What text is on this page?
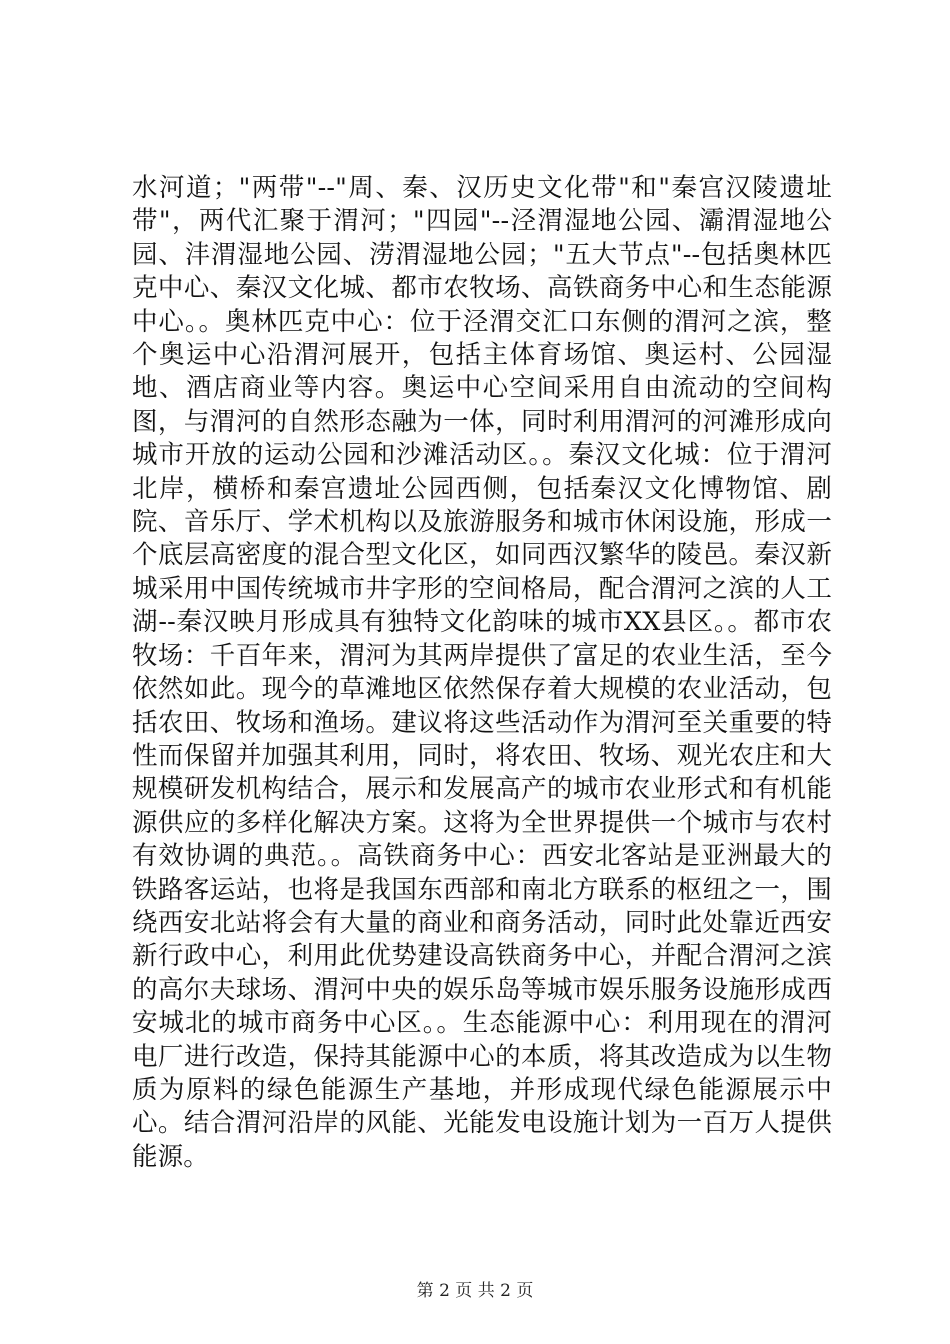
水河道；"两带"--"周、秦、汉历史文化带"和"秦宫汉陵遗址带"，两代汇聚于渭河；"四园"--泾渭湿地公园、灞渭湿地公园、沣渭湿地公园、涝渭湿地公园；"五大节点"--包括奥林匹克中心、秦汉文化城、都市农牧场、高铁商务中心和生态能源中心。。奥林匹克中心：位于泾渭交汇口东侧的渭河之滨，整个奥运中心沿渭河展开，包括主体育场馆、奥运村、公园湿地、酒店商业等内容。奥运中心空间采用自由流动的空间构图，与渭河的自然形态融为一体，同时利用渭河的河滩形成向城市开放的运动公园和沙滩活动区。。秦汉文化城：位于渭河北岸，横桥和秦宫遗址公园西侧，包括秦汉文化博物馆、剧院、音乐厅、学术机构以及旅游服务和城市休闲设施，形成一个底层高密度的混合型文化区，如同西汉繁华的陵邑。秦汉新城采用中国传统城市井字形的空间格局，配合渭河之滨的人工湖--秦汉映月形成具有独特文化韵味的城市XX县区。。都市农牧场：千百年来，渭河为其两岸提供了富足的农业生活，至今依然如此。现今的草滩地区依然保存着大规模的农业活动，包括农田、牧场和渔场。建议将这些活动作为渭河至关重要的特性而保留并加强其利用，同时，将农田、牧场、观光农庄和大规模研发机构结合，展示和发展高产的城市农业形式和有机能源供应的多样化解决方案。这将为全世界提供一个城市与农村有效协调的典范。。高铁商务中心：西安北客站是亚洲最大的铁路客运站，也将是我国东西部和南北方联系的枢纽之一，围绕西安北站将会有大量的商业和商务活动，同时此处靠近西安新行政中心，利用此优势建设高铁商务中心，并配合渭河之滨的高尔夫球场、渭河中央的娱乐岛等城市娱乐服务设施形成西安城北的城市商务中心区。。生态能源中心：利用现在的渭河电厂进行改造，保持其能源中心的本质，将其改造成为以生物质为原料的绿色能源生产基地，并形成现代绿色能源展示中心。结合渭河沿岸的风能、光能发电设施计划为一百万人提供能源。

第 2 页 共 2 页
